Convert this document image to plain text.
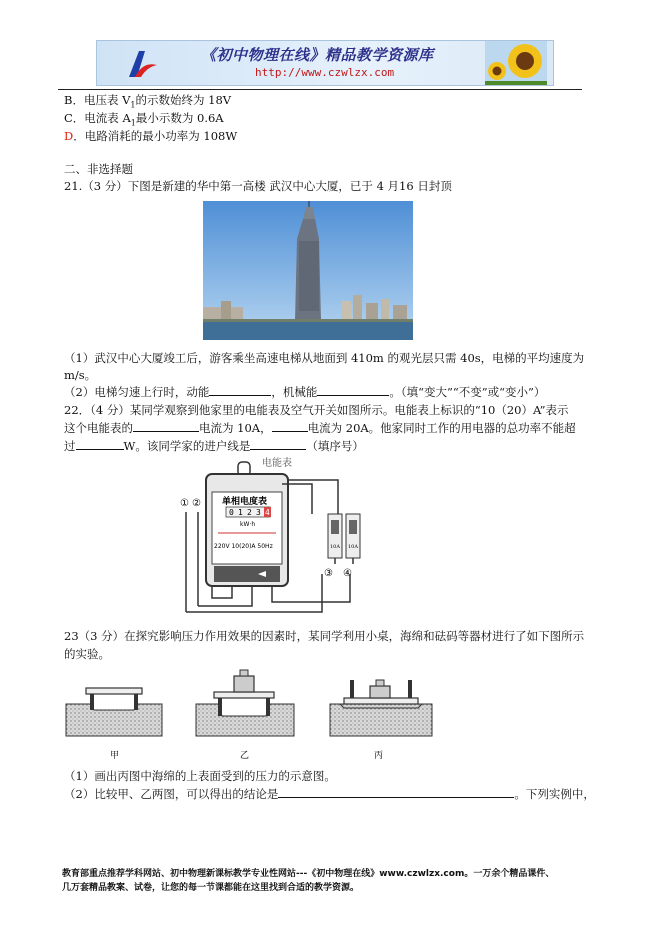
《初中物理在线》精品教学资源库
http://www.czwlzx.com
B．电压表 $V_1$的示数始终为 18V
C．电流表 $A_1$最小示数为 0.6A
D．电路消耗的最小功率为 108W
二、非选择题
21.（3 分）下图是新建的华中第一高楼 武汉中心大厦，已于 4 月16 日封顶
（1）武汉中心大厦竣工后，游客乘坐高速电梯从地面到 410m 的观光层只需 40s，电梯的平均速度为
m/s。
（2）电梯匀速上行时，动能	，机械能	。（填“变大”“不变”或“变小”）
22．（4 分）某同学观察到他家里的电能表及空气开关如图所示。电能表上标识的“10（20）A”表示
这个电能表的	电流为 10A，	电流为 20A。他家同时工作的用电器的总功率不能超
过	W。该同学家的进户线是	（填序号）
电能表
单相电度表
0 1 2 3 4
kW·h
220V 10(20)A 50Hz
① ②
10A 10A
③ ④
23（3 分）在探究影响压力作用效果的因素时，某同学利用小桌，海绵和砝码等器材进行了如下图所示
的实验。
甲	乙	丙
（1）画出丙图中海绵的上表面受到的压力的示意图。
（2）比较甲、乙两图，可以得出的结论是	。下列实例中，
教育部重点推荐学科网站、初中物理新课标教学专业性网站---《初中物理在线》www.czwlzx.com。一万余个精品课件、
几万套精品教案、试卷，让您的每一节课都能在这里找到合适的教学资源。
